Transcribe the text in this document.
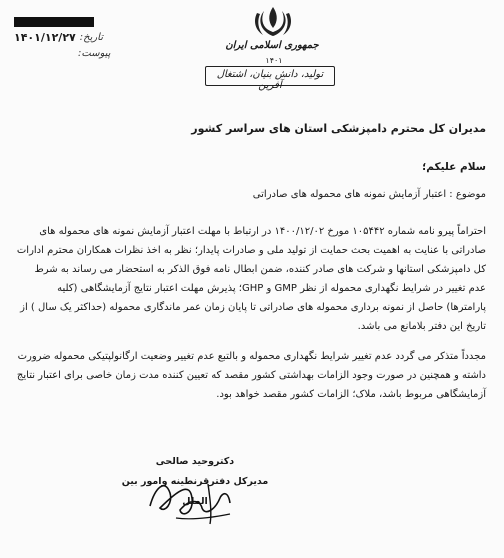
تاریخ:
۱۴۰۱/۱۲/۲۷
پیوست:
جمهوری اسلامی ایران
۱۴۰۱
تولید، دانش بنیان، اشتغال آفرین
مدیران کل محترم دامپزشکی استان های سراسر کشور
سلام علیکم؛
موضوع : اعتبار آزمایش نمونه های محموله های صادراتی
احتراماً پیرو نامه شماره ۱۰۵۴۴۲ مورخ ۱۴۰۰/۱۲/۰۲ در ارتباط با مهلت اعتبار آزمایش نمونه های محموله های صادراتی با عنایت به اهمیت بحث حمایت از تولید ملی و صادرات پایدار؛ نظر به اخذ نظرات همکاران محترم ادارات کل دامپزشکی استانها و شرکت های صادر کننده، ضمن ابطال نامه فوق الذکر به استحضار می رساند به شرط عدم تغییر در شرایط نگهداری محموله از نظر GMP و GHP؛ پذیرش مهلت اعتبار نتایج آزمایشگاهی (کلیه پارامترها) حاصل از نمونه برداری محموله های صادراتی تا پایان زمان عمر ماندگاری محموله (حداکثر یک سال ) از تاریخ این دفتر بلامانع می باشد.
مجدداً متذکر می گردد عدم تغییر شرایط نگهداری محموله و بالتبع عدم تغییر وضعیت ارگانولپتیکی محموله ضرورت داشته و همچنین در صورت وجود الزامات بهداشتی کشور مقصد که تعیین کننده مدت زمان خاصی برای اعتبار نتایج آزمایشگاهی مربوط باشد، ملاک؛ الزامات کشور مقصد خواهد بود.
دکتروحید صالحی
مدیرکل دفترقرنطینه وامور بین الملل
